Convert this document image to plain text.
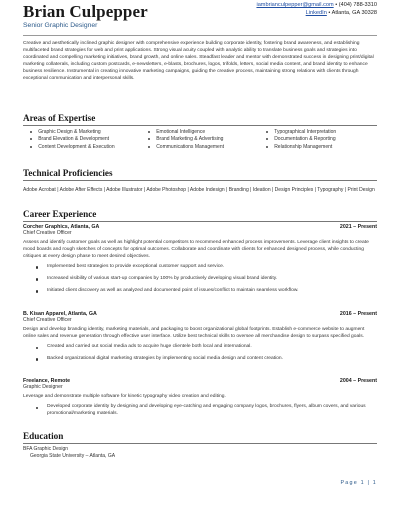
Brian Culpepper
Senior Graphic Designer
iambrianculpepper@gmail.com • (404) 788-3310
LinkedIn • Atlanta, GA 30328
Creative and aesthetically inclined graphic designer with comprehensive experience building corporate identity, fostering brand awareness, and establishing multifaceted brand strategies for web and print applications. Strong visual acuity coupled with analytic ability to translate business goals and strategies into coordinated and compelling marketing initiatives, brand growth, and online sales. Steadfast leader and mentor with demonstrated success in designing print/digital marketing collaterals, including custom postcards, e-newsletters, e-blasts, brochures, logos, trifolds, letters, social media content, and brand identity to enhance business resilience. Instrumental in creating innovative marketing campaigns, guiding the creative process, maintaining strong relations with clients through exceptional communication and interpersonal skills.
Areas of Expertise
Graphic Design & Marketing	Emotional Intelligence	Typographical Interpretation
Brand Elevation & Development	Brand Marketing & Advertising	Documentation & Reporting
Content Development & Execution	Communications Management	Relationship Management
Technical Proficiencies
Adobe Acrobat | Adobe After Effects | Adobe Illustrator | Adobe Photoshop | Adobe Indesign | Branding | Ideation | Design Principles | Typography | Print Design
Career Experience
Corcher Graphics, Atlanta, GA	2021 – Present
Chief Creative Officer
Assess and identify customer goals as well as highlight potential competitors to recommend enhanced process improvements. Leverage client insights to create mood boards and rough sketches of concepts for optimal outcomes. Collaborate and coordinate with clients for enhanced designed process, while conducting critiques at every design phase to meet desired objectives.
Implemented best strategies to provide exceptional customer support and service.
Increased visibility of various start-up companies by 100% by productively developing visual brand identity.
Initiated client discovery as well as analyzed and documented point of issues/conflict to maintain seamless workflow.
B. Kisan Apparel, Atlanta, GA	2016 – Present
Chief Creative Officer
Design and develop branding identity, marketing materials, and packaging to boost organizational global footprints. Establish e-commerce website to augment online sales and revenue generation through effective user interface. Utilize best technical skills to oversee all merchandise design to surpass specified goals.
Created and carried out social media ads to acquire huge clientele both local and international.
Backed organizational digital marketing strategies by implementing social media design and content creation.
Freelance, Remote	2004 – Present
Graphic Designer
Leverage and demonstrate multiple software for kinetic typography video creation and editing.
Developed corporate identity by designing and developing eye-catching and engaging company logos, brochures, flyers, album covers, and various promotional/marketing materials.
Education
BFA Graphic Design
Georgia State University – Atlanta, GA
Page 1 | 1
